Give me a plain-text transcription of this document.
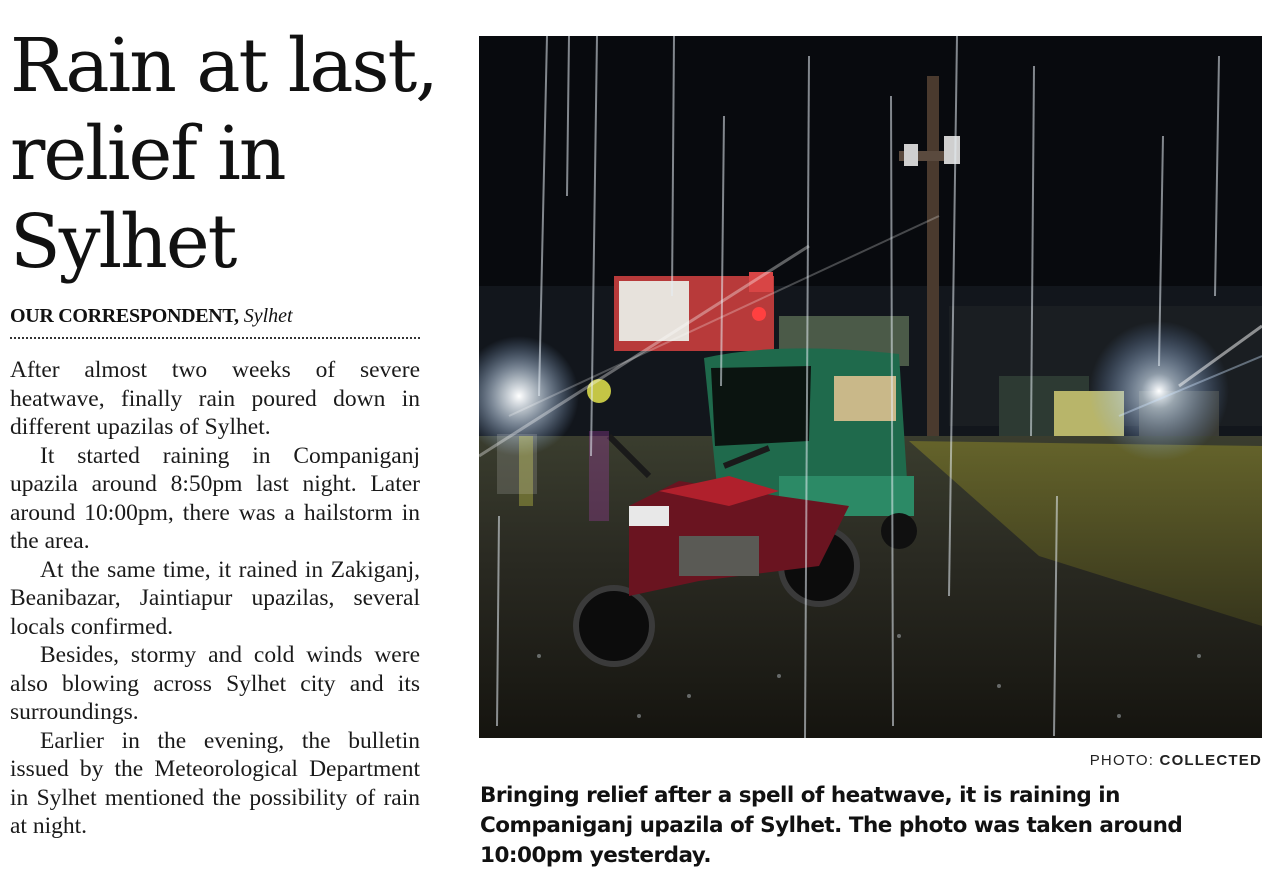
Rain at last, relief in Sylhet
OUR CORRESPONDENT, Sylhet

After almost two weeks of severe heatwave, finally rain poured down in different upazilas of Sylhet.

It started raining in Companiganj upazila around 8:50pm last night. Later around 10:00pm, there was a hailstorm in the area.

At the same time, it rained in Zakiganj, Beanibazar, Jaintiapur upazilas, several locals confirmed.

Besides, stormy and cold winds were also blowing across Sylhet city and its surroundings.

Earlier in the evening, the bulletin issued by the Meteorological Department in Sylhet mentioned the possibility of rain at night.

PHOTO: COLLECTED
Bringing relief after a spell of heatwave, it is raining in Companiganj upazila of Sylhet. The photo was taken around 10:00pm yesterday.
